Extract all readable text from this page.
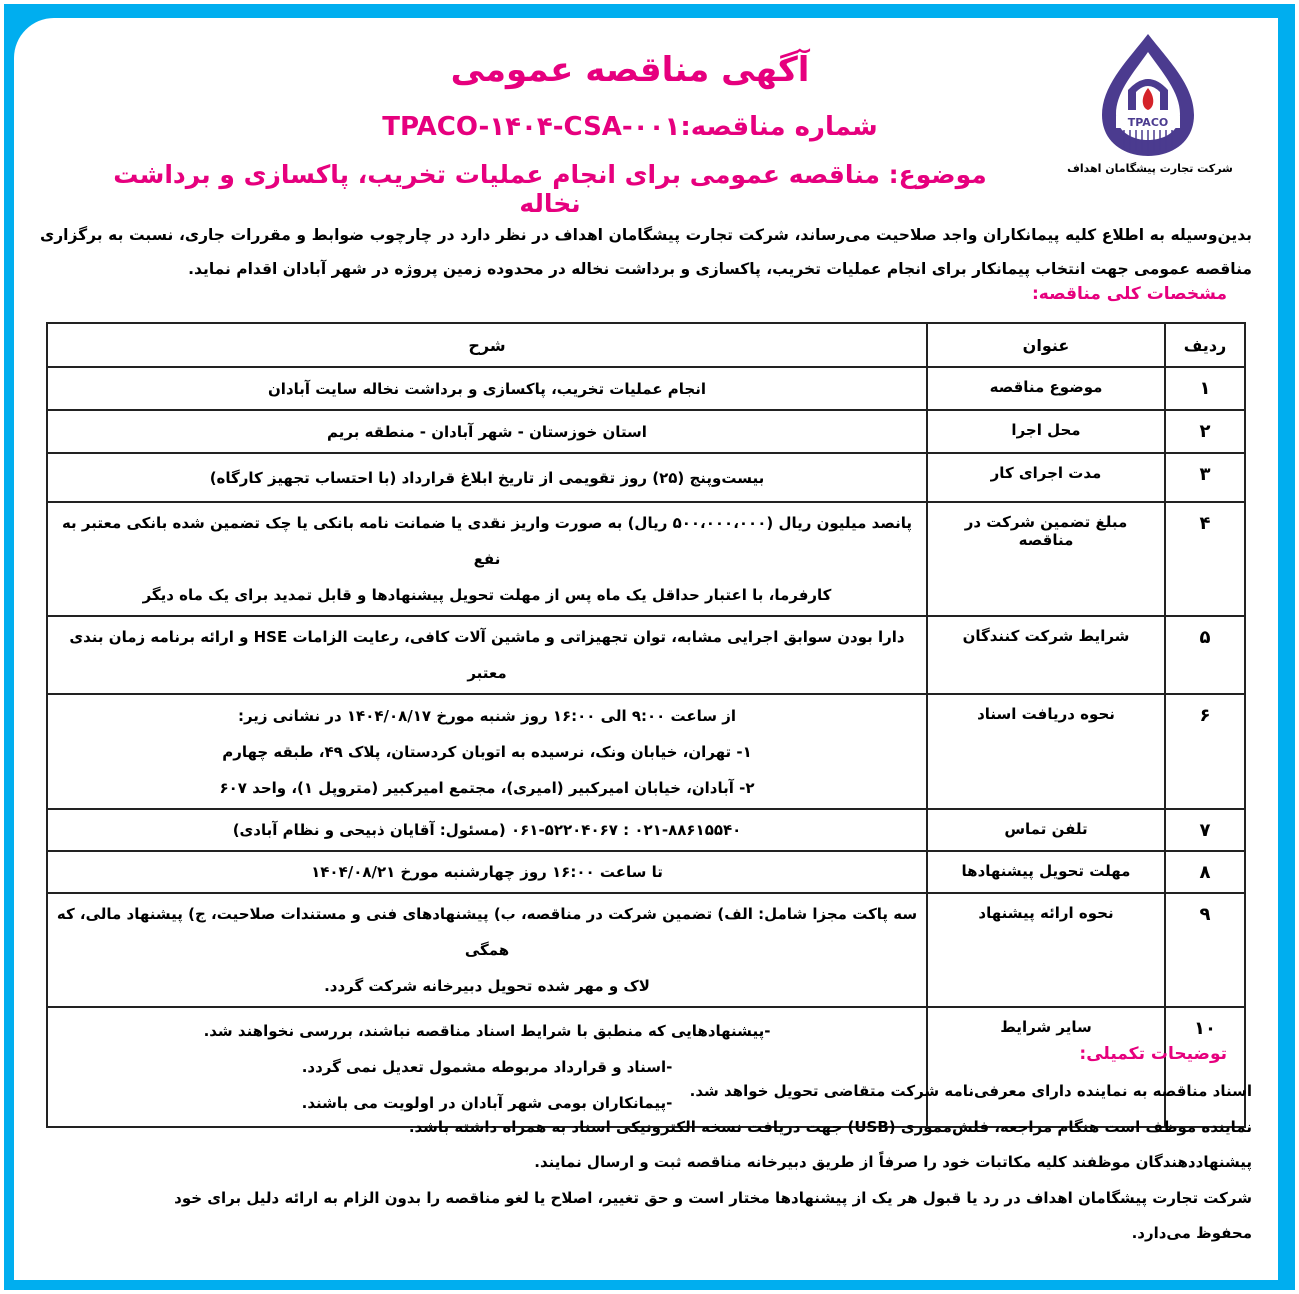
TPACO
شرکت تجارت پیشگامان اهداف
آگهی مناقصه عمومی
شماره مناقصه:TPACO-۱۴۰۴-CSA-۰۰۱
موضوع: مناقصه عمومی برای انجام عملیات تخریب، پاکسازی و برداشت نخاله
بدین‌وسیله به اطلاع کلیه پیمانکاران واجد صلاحیت می‌رساند، شرکت تجارت پیشگامان اهداف در نظر دارد در چارچوب ضوابط و مقررات جاری، نسبت به برگزاری مناقصه عمومی جهت انتخاب پیمانکار برای انجام عملیات تخریب، پاکسازی و برداشت نخاله در محدوده زمین پروژه در شهر آبادان اقدام نماید.
مشخصات کلی مناقصه:
ردیف	عنوان	شرح
۱	موضوع مناقصه	انجام عملیات تخریب، پاکسازی و برداشت نخاله سایت آبادان

۲	محل اجرا	استان خوزستان - شهر آبادان - منطقه بریم

۳	مدت اجرای کار	بیست‌وپنج (۲۵) روز تقویمی از تاریخ ابلاغ قرارداد (با احتساب تجهیز کارگاه)

۴	مبلغ تضمین شرکت در مناقصه	پانصد میلیون ریال (۵۰۰،۰۰۰،۰۰۰ ریال) به صورت واریز نقدی یا ضمانت نامه بانکی یا چک تضمین شده بانکی معتبر به نفع
کارفرما، با اعتبار حداقل یک ماه پس از مهلت تحویل پیشنهادها و قابل تمدید برای یک ماه دیگر

۵	شرایط شرکت کنندگان	دارا بودن سوابق اجرایی مشابه، توان تجهیزاتی و ماشین آلات کافی، رعایت الزامات HSE و ارائه برنامه زمان بندی معتبر

۶	نحوه دریافت اسناد	از ساعت ۹:۰۰ الی ۱۶:۰۰ روز شنبه مورخ ۱۴۰۴/۰۸/۱۷ در نشانی زیر:
۱- تهران، خیابان ونک، نرسیده به اتوبان کردستان، پلاک ۴۹، طبقه چهارم
۲- آبادان، خیابان امیرکبیر (امیری)، مجتمع امیرکبیر (متروپل ۱)، واحد ۶۰۷

۷	تلفن تماس	۰۲۱-۸۸۶۱۵۵۴۰ : ۰۶۱-۵۲۲۰۴۰۶۷ (مسئول: آقایان ذبیحی و نظام آبادی)

۸	مهلت تحویل پیشنهادها	تا ساعت ۱۶:۰۰ روز چهارشنبه مورخ ۱۴۰۴/۰۸/۲۱

۹	نحوه ارائه پیشنهاد	سه پاکت مجزا شامل: الف) تضمین شرکت در مناقصه، ب) پیشنهادهای فنی و مستندات صلاحیت، ج) پیشنهاد مالی، که همگی
لاک و مهر شده تحویل دبیرخانه شرکت گردد.

۱۰	سایر شرایط	-پیشنهادهایی که منطبق با شرایط اسناد مناقصه نباشند، بررسی نخواهند شد.
-اسناد و قرارداد مربوطه مشمول تعدیل نمی گردد.
-پیمانکاران بومی شهر آبادان در اولویت می باشند.
توضیحات تکمیلی:

اسناد مناقصه به نماینده دارای معرفی‌نامه شرکت متقاضی تحویل خواهد شد.

نماینده موظف است هنگام مراجعه، فلش‌مموری (USB) جهت دریافت نسخه الکترونیکی اسناد به همراه داشته باشد.

پیشنهاددهندگان موظفند کلیه مکاتبات خود را صرفاً از طریق دبیرخانه مناقصه ثبت و ارسال نمایند.

شرکت تجارت پیشگامان اهداف در رد یا قبول هر یک از پیشنهادها مختار است و حق تغییر، اصلاح یا لغو مناقصه را بدون الزام به ارائه دلیل برای خود

محفوظ می‌دارد.
